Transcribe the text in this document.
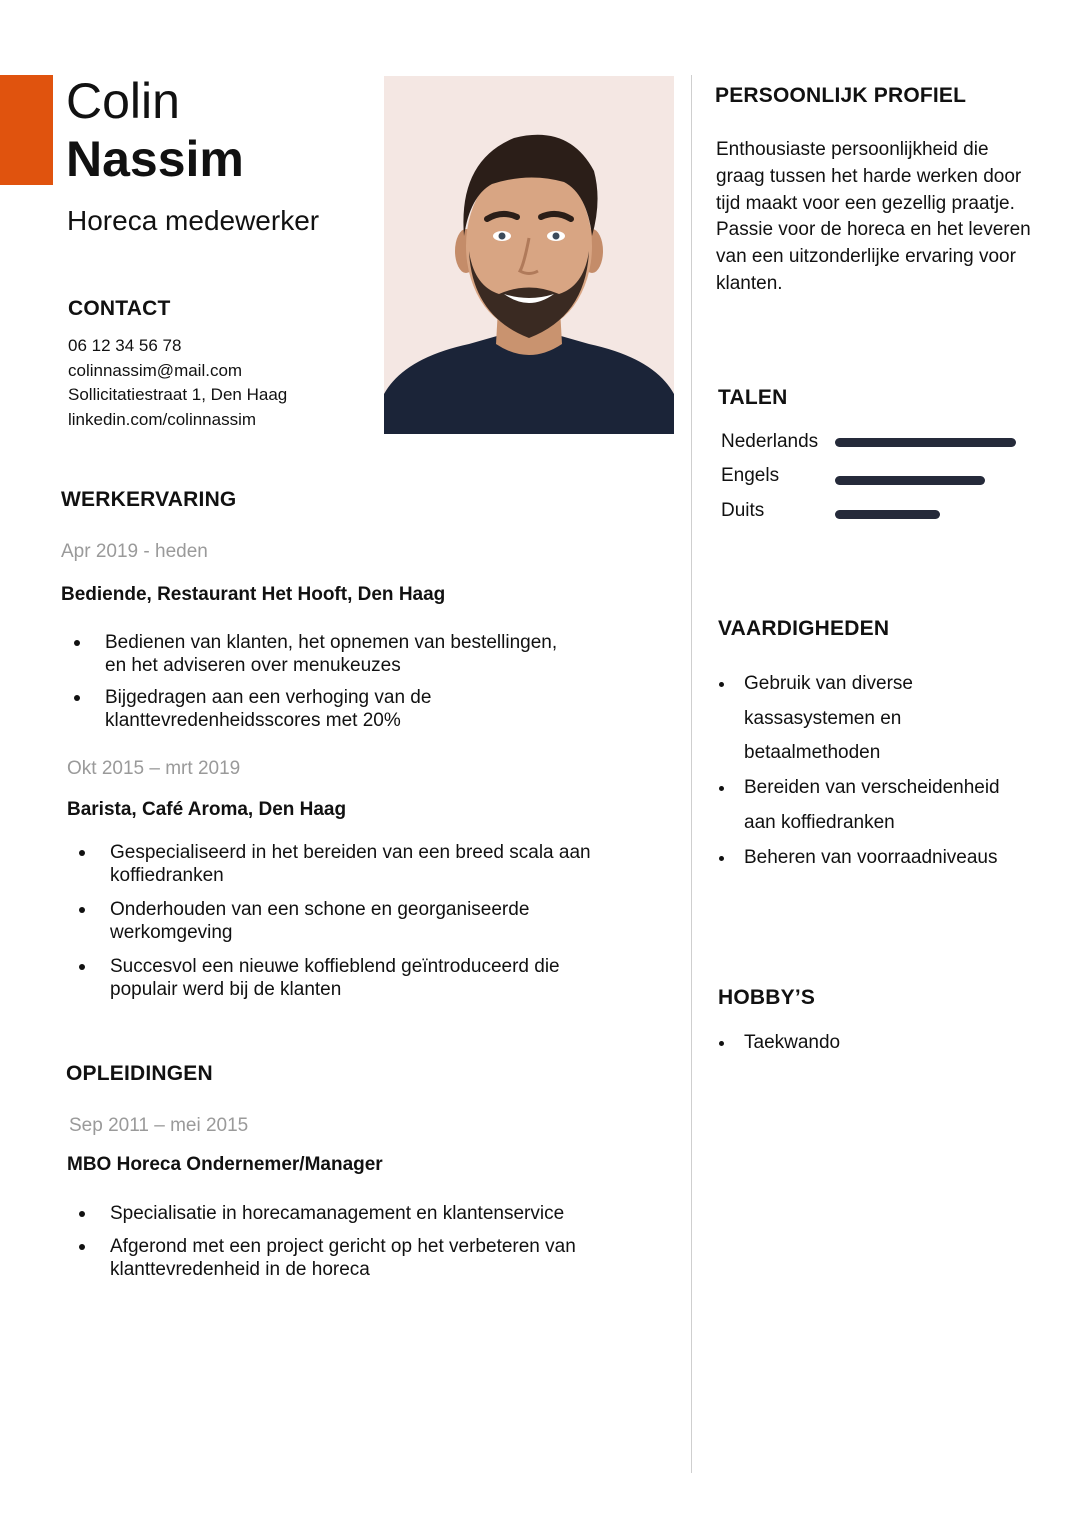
Colin
Nassim
Horeca medewerker
CONTACT
06 12 34 56 78
colinnassim@mail.com
Sollicitatiestraat 1, Den Haag
linkedin.com/colinnassim
WERKERVARING
Apr 2019 - heden
Bediende, Restaurant Het Hooft, Den Haag
Bedienen van klanten, het opnemen van bestellingen,
en het adviseren over menukeuzes
Bijgedragen aan een verhoging van de
klanttevredenheidsscores met 20%
Okt 2015 – mrt 2019
Barista, Café Aroma, Den Haag
Gespecialiseerd in het bereiden van een breed scala aan
koffiedranken
Onderhouden van een schone en georganiseerde
werkomgeving
Succesvol een nieuwe koffieblend geïntroduceerd die
populair werd bij de klanten
OPLEIDINGEN
Sep 2011 – mei 2015
MBO Horeca Ondernemer/Manager
Specialisatie in horecamanagement en klantenservice
Afgerond met een project gericht op het verbeteren van
klanttevredenheid in de horeca
PERSOONLIJK PROFIEL
Enthousiaste persoonlijkheid die
graag tussen het harde werken door
tijd maakt voor een gezellig praatje.
Passie voor de horeca en het leveren
van een uitzonderlijke ervaring voor
klanten.
TALEN
Nederlands
Engels
Duits
VAARDIGHEDEN
Gebruik van diverse
kassasystemen en
betaalmethoden
Bereiden van verscheidenheid
aan koffiedranken
Beheren van voorraadniveaus
HOBBY’S
Taekwando
